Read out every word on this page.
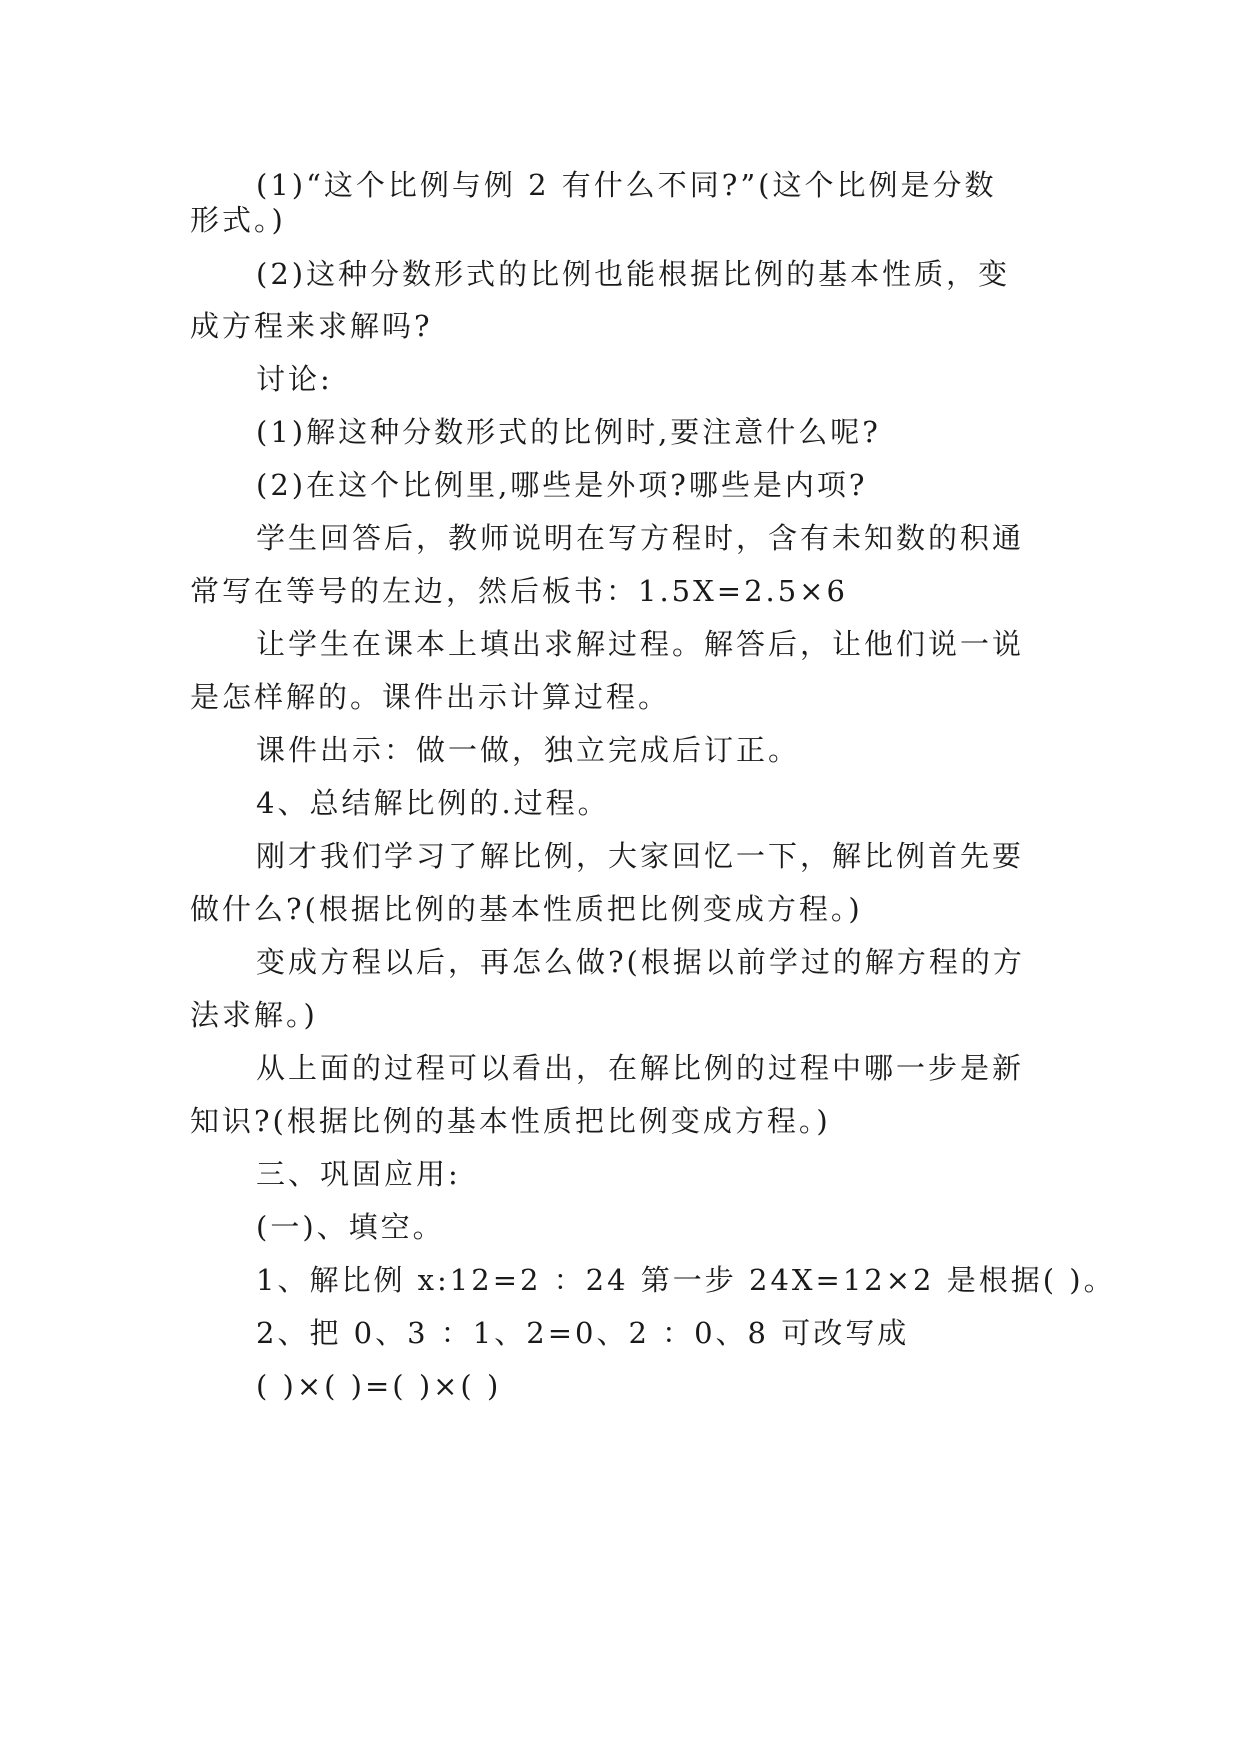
(1)“这个比例与例 2 有什么不同?”(这个比例是分数
形式。)
(2)这种分数形式的比例也能根据比例的基本性质，变
成方程来求解吗?
讨论:
(1)解这种分数形式的比例时,要注意什么呢?
(2)在这个比例里,哪些是外项?哪些是内项?
学生回答后，教师说明在写方程时，含有未知数的积通
常写在等号的左边，然后板书：1.5X=2.5×6
让学生在课本上填出求解过程。解答后，让他们说一说
是怎样解的。课件出示计算过程。
课件出示：做一做，独立完成后订正。
4、总结解比例的.过程。
刚才我们学习了解比例，大家回忆一下，解比例首先要
做什么?(根据比例的基本性质把比例变成方程。)
变成方程以后，再怎么做?(根据以前学过的解方程的方
法求解。)
从上面的过程可以看出，在解比例的过程中哪一步是新
知识?(根据比例的基本性质把比例变成方程。)
三、巩固应用:
(一)、填空。
1、解比例 x:12=2 ：24 第一步 24X=12×2 是根据( )。
2、把 0、3 ：1、2=0、2 ：0、8 可改写成
( )×( )=( )×( )
